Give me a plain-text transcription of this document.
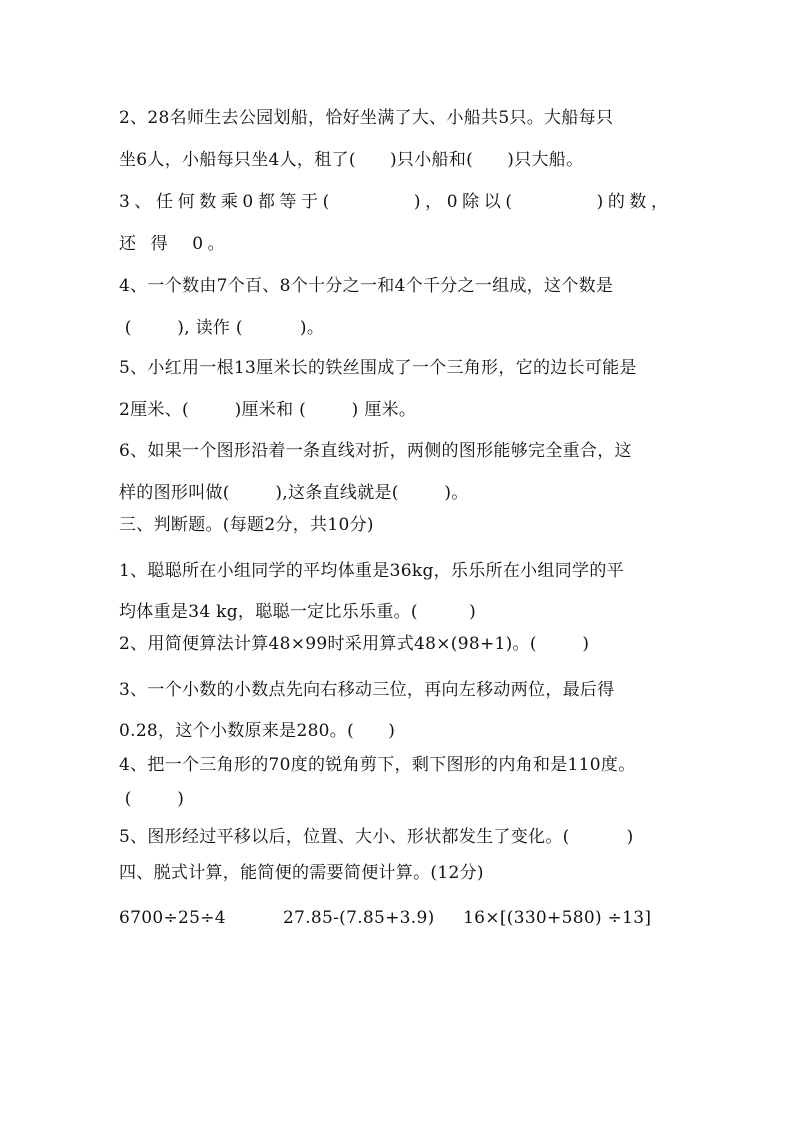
2、28名师生去公园划船，恰好坐满了大、小船共5只。大船每只
坐6人，小船每只坐4人，租了(      )只小船和(      )只大船。
3、任何数乘0都等于(        )，0除以(        )的数，
还 得  0。
4、一个数由7个百、8个十分之一和4个千分之一组成，这个数是
(        ), 读作 (          )。
5、小红用一根13厘米长的铁丝围成了一个三角形，它的边长可能是
2厘米、(        )厘米和 (        ) 厘米。
6、如果一个图形沿着一条直线对折，两侧的图形能够完全重合，这
样的图形叫做(        ),这条直线就是(        )。
三、判断题。(每题2分，共10分)
1、聪聪所在小组同学的平均体重是36kg，乐乐所在小组同学的平
均体重是34 kg，聪聪一定比乐乐重。(         )
2、用简便算法计算48×99时采用算式48×(98+1)。(        )
3、一个小数的小数点先向右移动三位，再向左移动两位，最后得
0.28，这个小数原来是280。(      )
4、把一个三角形的70度的锐角剪下，剩下图形的内角和是110度。
(        )
5、图形经过平移以后，位置、大小、形状都发生了变化。(          )
四、脱式计算，能简便的需要简便计算。(12分)
6700÷25÷4          27.85-(7.85+3.9)     16×[(330+580) ÷13]
